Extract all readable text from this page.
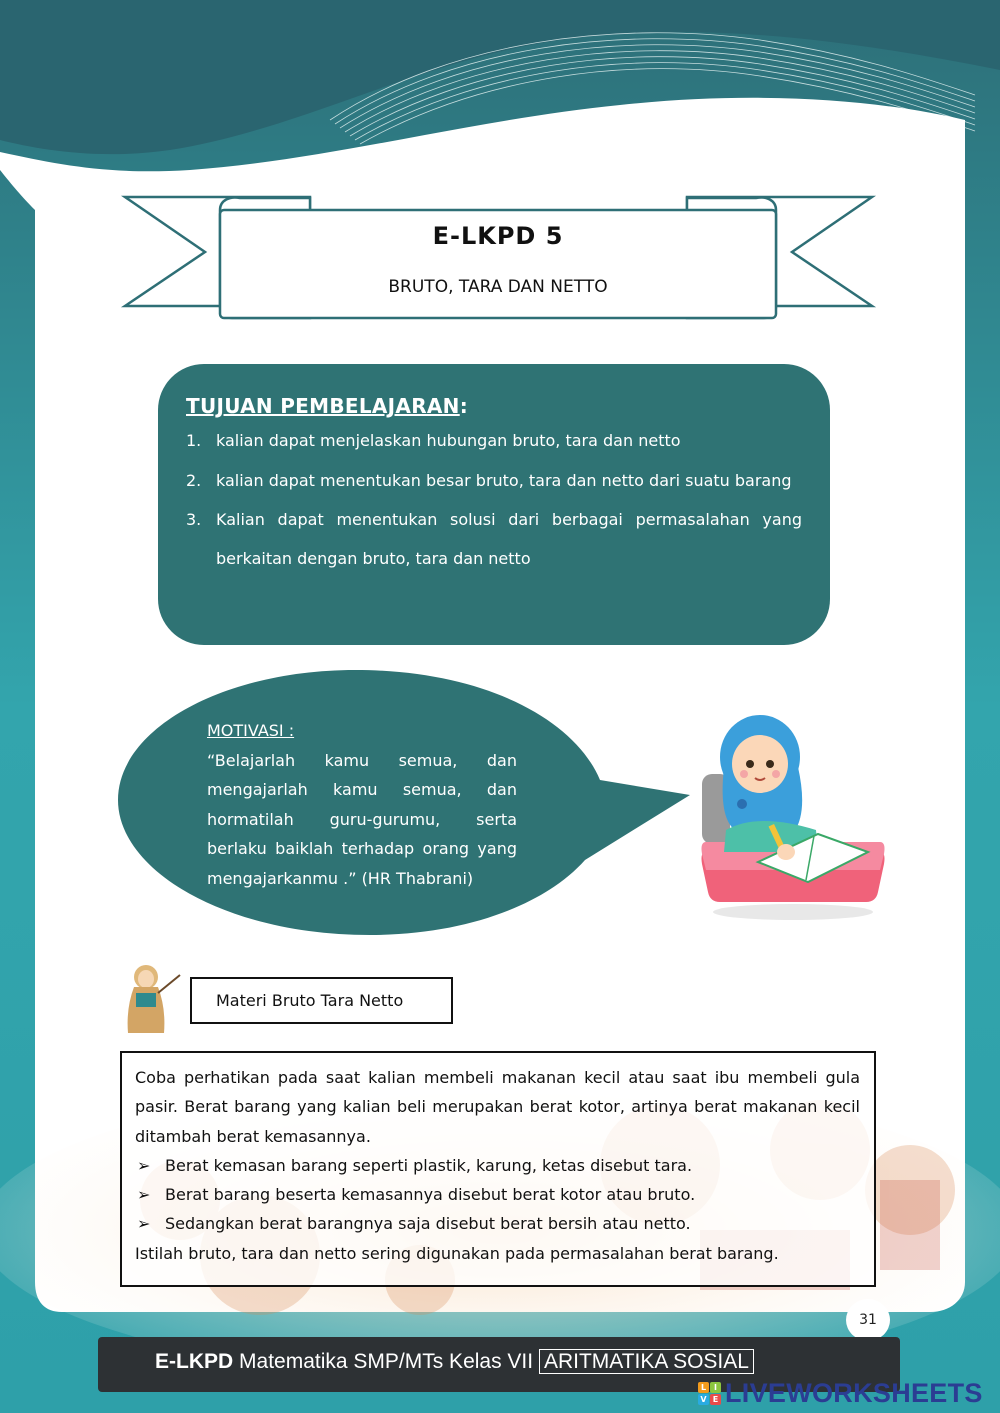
E-LKPD 5
BRUTO, TARA DAN NETTO
TUJUAN PEMBELAJARAN:
1. kalian dapat menjelaskan hubungan bruto, tara dan netto
2. kalian dapat menentukan besar bruto, tara dan netto dari suatu barang
3. Kalian dapat menentukan solusi dari berbagai permasalahan yang berkaitan dengan bruto, tara dan netto
MOTIVASI :

“Belajarlah kamu semua, dan mengajarlah kamu semua, dan hormatilah guru-gurumu, serta berlaku baiklah terhadap orang yang mengajarkanmu .” (HR Thabrani)

Materi Bruto Tara Netto

Coba perhatikan pada saat kalian membeli makanan kecil atau saat ibu membeli gula pasir. Berat barang yang kalian beli merupakan berat kotor, artinya berat makanan kecil ditambah berat kemasannya.

➢ Berat kemasan barang seperti plastik, karung, ketas disebut tara.
➢ Berat barang beserta kemasannya disebut berat kotor atau bruto.
➢ Sedangkan berat barangnya saja disebut berat bersih atau netto.

Istilah bruto, tara dan netto sering digunakan pada permasalahan berat barang.

31
E-LKPD Matematika SMP/MTs Kelas VII ARITMATIKA SOSIAL
L I
V E LIVEWORKSHEETS
